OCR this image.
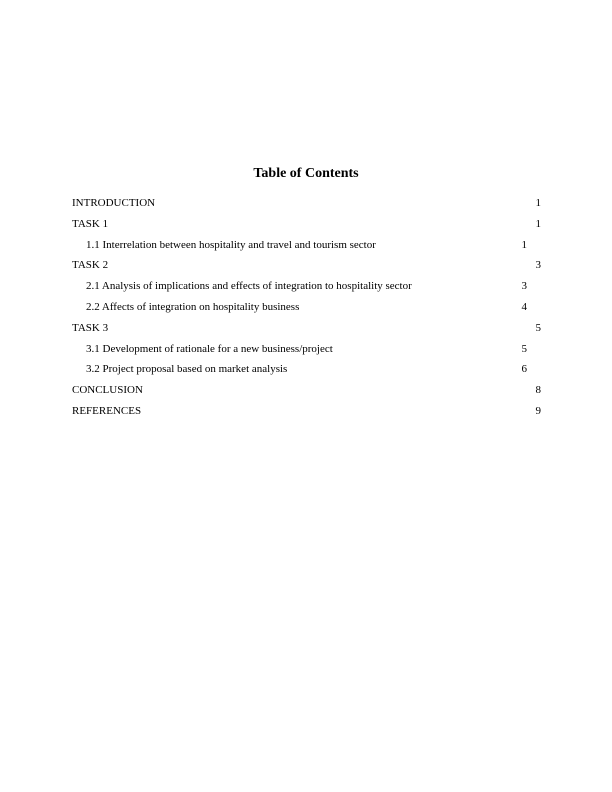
Table of Contents
INTRODUCTION .....	1
TASK 1 .....	1
1.1 Interrelation between hospitality and travel and tourism sector .....	1
TASK 2 .....	3
2.1 Analysis of implications and effects of integration to hospitality sector .....	3
2.2 Affects of integration on hospitality business .....	4
TASK 3 .....	5
3.1 Development of rationale for a new business/project .....	5
3.2 Project proposal based on market analysis .....	6
CONCLUSION .....	8
REFERENCES .....	9
